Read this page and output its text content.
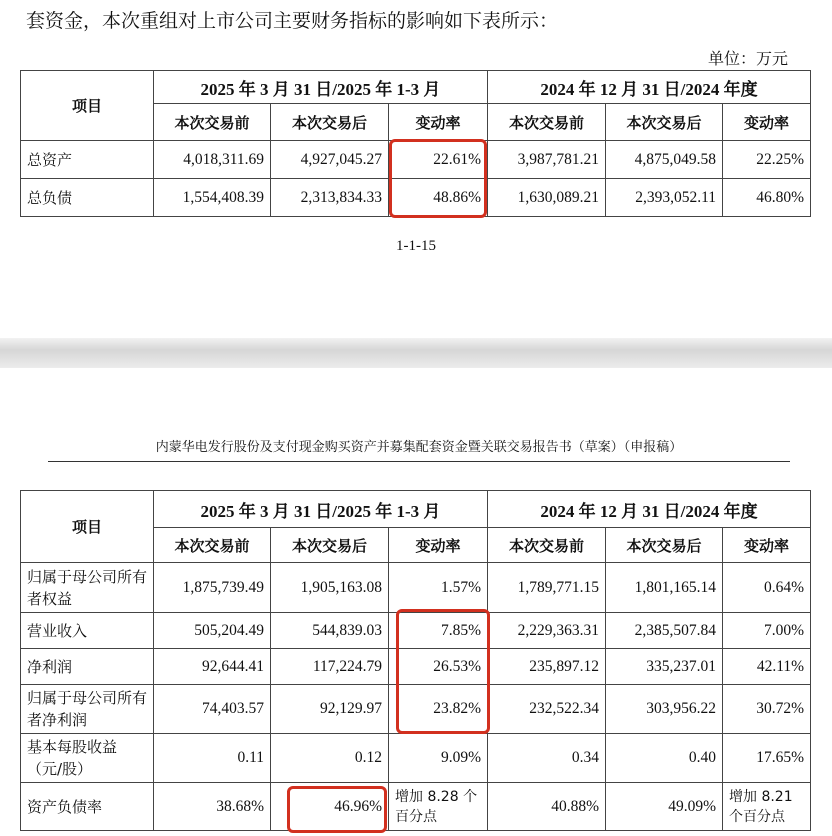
套资金，本次重组对上市公司主要财务指标的影响如下表所示：
单位：万元
项目	2025 年 3 月 31 日/2025 年 1-3 月			2024 年 12 月 31 日/2024 年度		
	本次交易前	本次交易后	变动率	本次交易前	本次交易后	变动率
总资产	4,018,311.69	4,927,045.27	22.61%	3,987,781.21	4,875,049.58	22.25%
总负债	1,554,408.39	2,313,834.33	48.86%	1,630,089.21	2,393,052.11	46.80%
1-1-15
内蒙华电发行股份及支付现金购买资产并募集配套资金暨关联交易报告书（草案）（申报稿）
项目	2025 年 3 月 31 日/2025 年 1-3 月			2024 年 12 月 31 日/2024 年度		
	本次交易前	本次交易后	变动率	本次交易前	本次交易后	变动率
归属于母公司所有者权益	1,875,739.49	1,905,163.08	1.57%	1,789,771.15	1,801,165.14	0.64%
营业收入	505,204.49	544,839.03	7.85%	2,229,363.31	2,385,507.84	7.00%
净利润	92,644.41	117,224.79	26.53%	235,897.12	335,237.01	42.11%
归属于母公司所有者净利润	74,403.57	92,129.97	23.82%	232,522.34	303,956.22	30.72%
基本每股收益（元/股）	0.11	0.12	9.09%	0.34	0.40	17.65%
资产负债率	38.68%	46.96%	增加 8.28 个百分点	40.88%	49.09%	增加 8.21 个百分点
